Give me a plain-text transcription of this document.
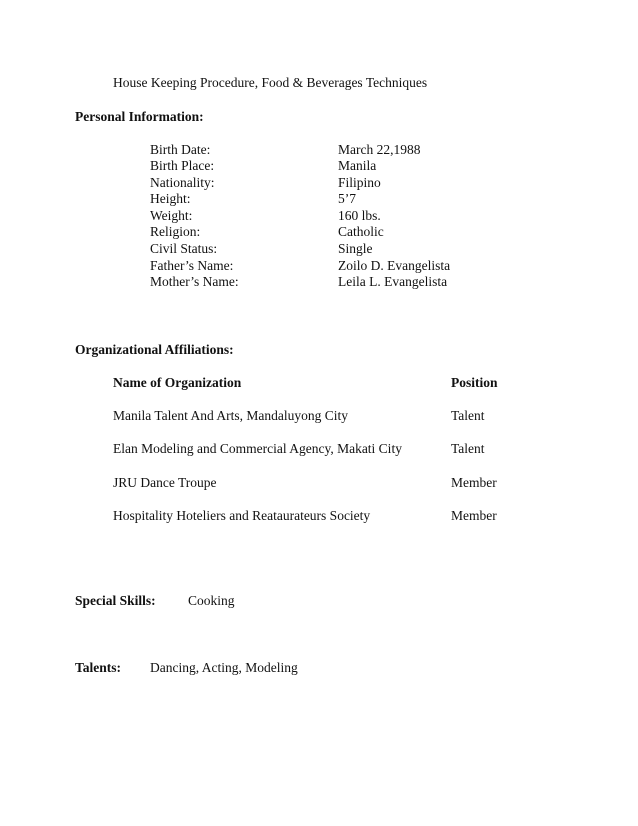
House Keeping Procedure, Food & Beverages Techniques
Personal Information:
Birth Date:	March 22,1988
Birth Place:	Manila
Nationality:	Filipino
Height:	5’7
Weight:	160 lbs.
Religion:	Catholic
Civil Status:	Single
Father’s Name:	Zoilo D. Evangelista
Mother’s Name:	Leila L. Evangelista
Organizational Affiliations:
Name of Organization	Position
Manila Talent And Arts, Mandaluyong City	Talent
Elan Modeling and Commercial Agency, Makati City	Talent
JRU Dance Troupe	Member
Hospitality Hoteliers and Reataurateurs Society	Member
Special Skills: Cooking
Talents: Dancing, Acting, Modeling
